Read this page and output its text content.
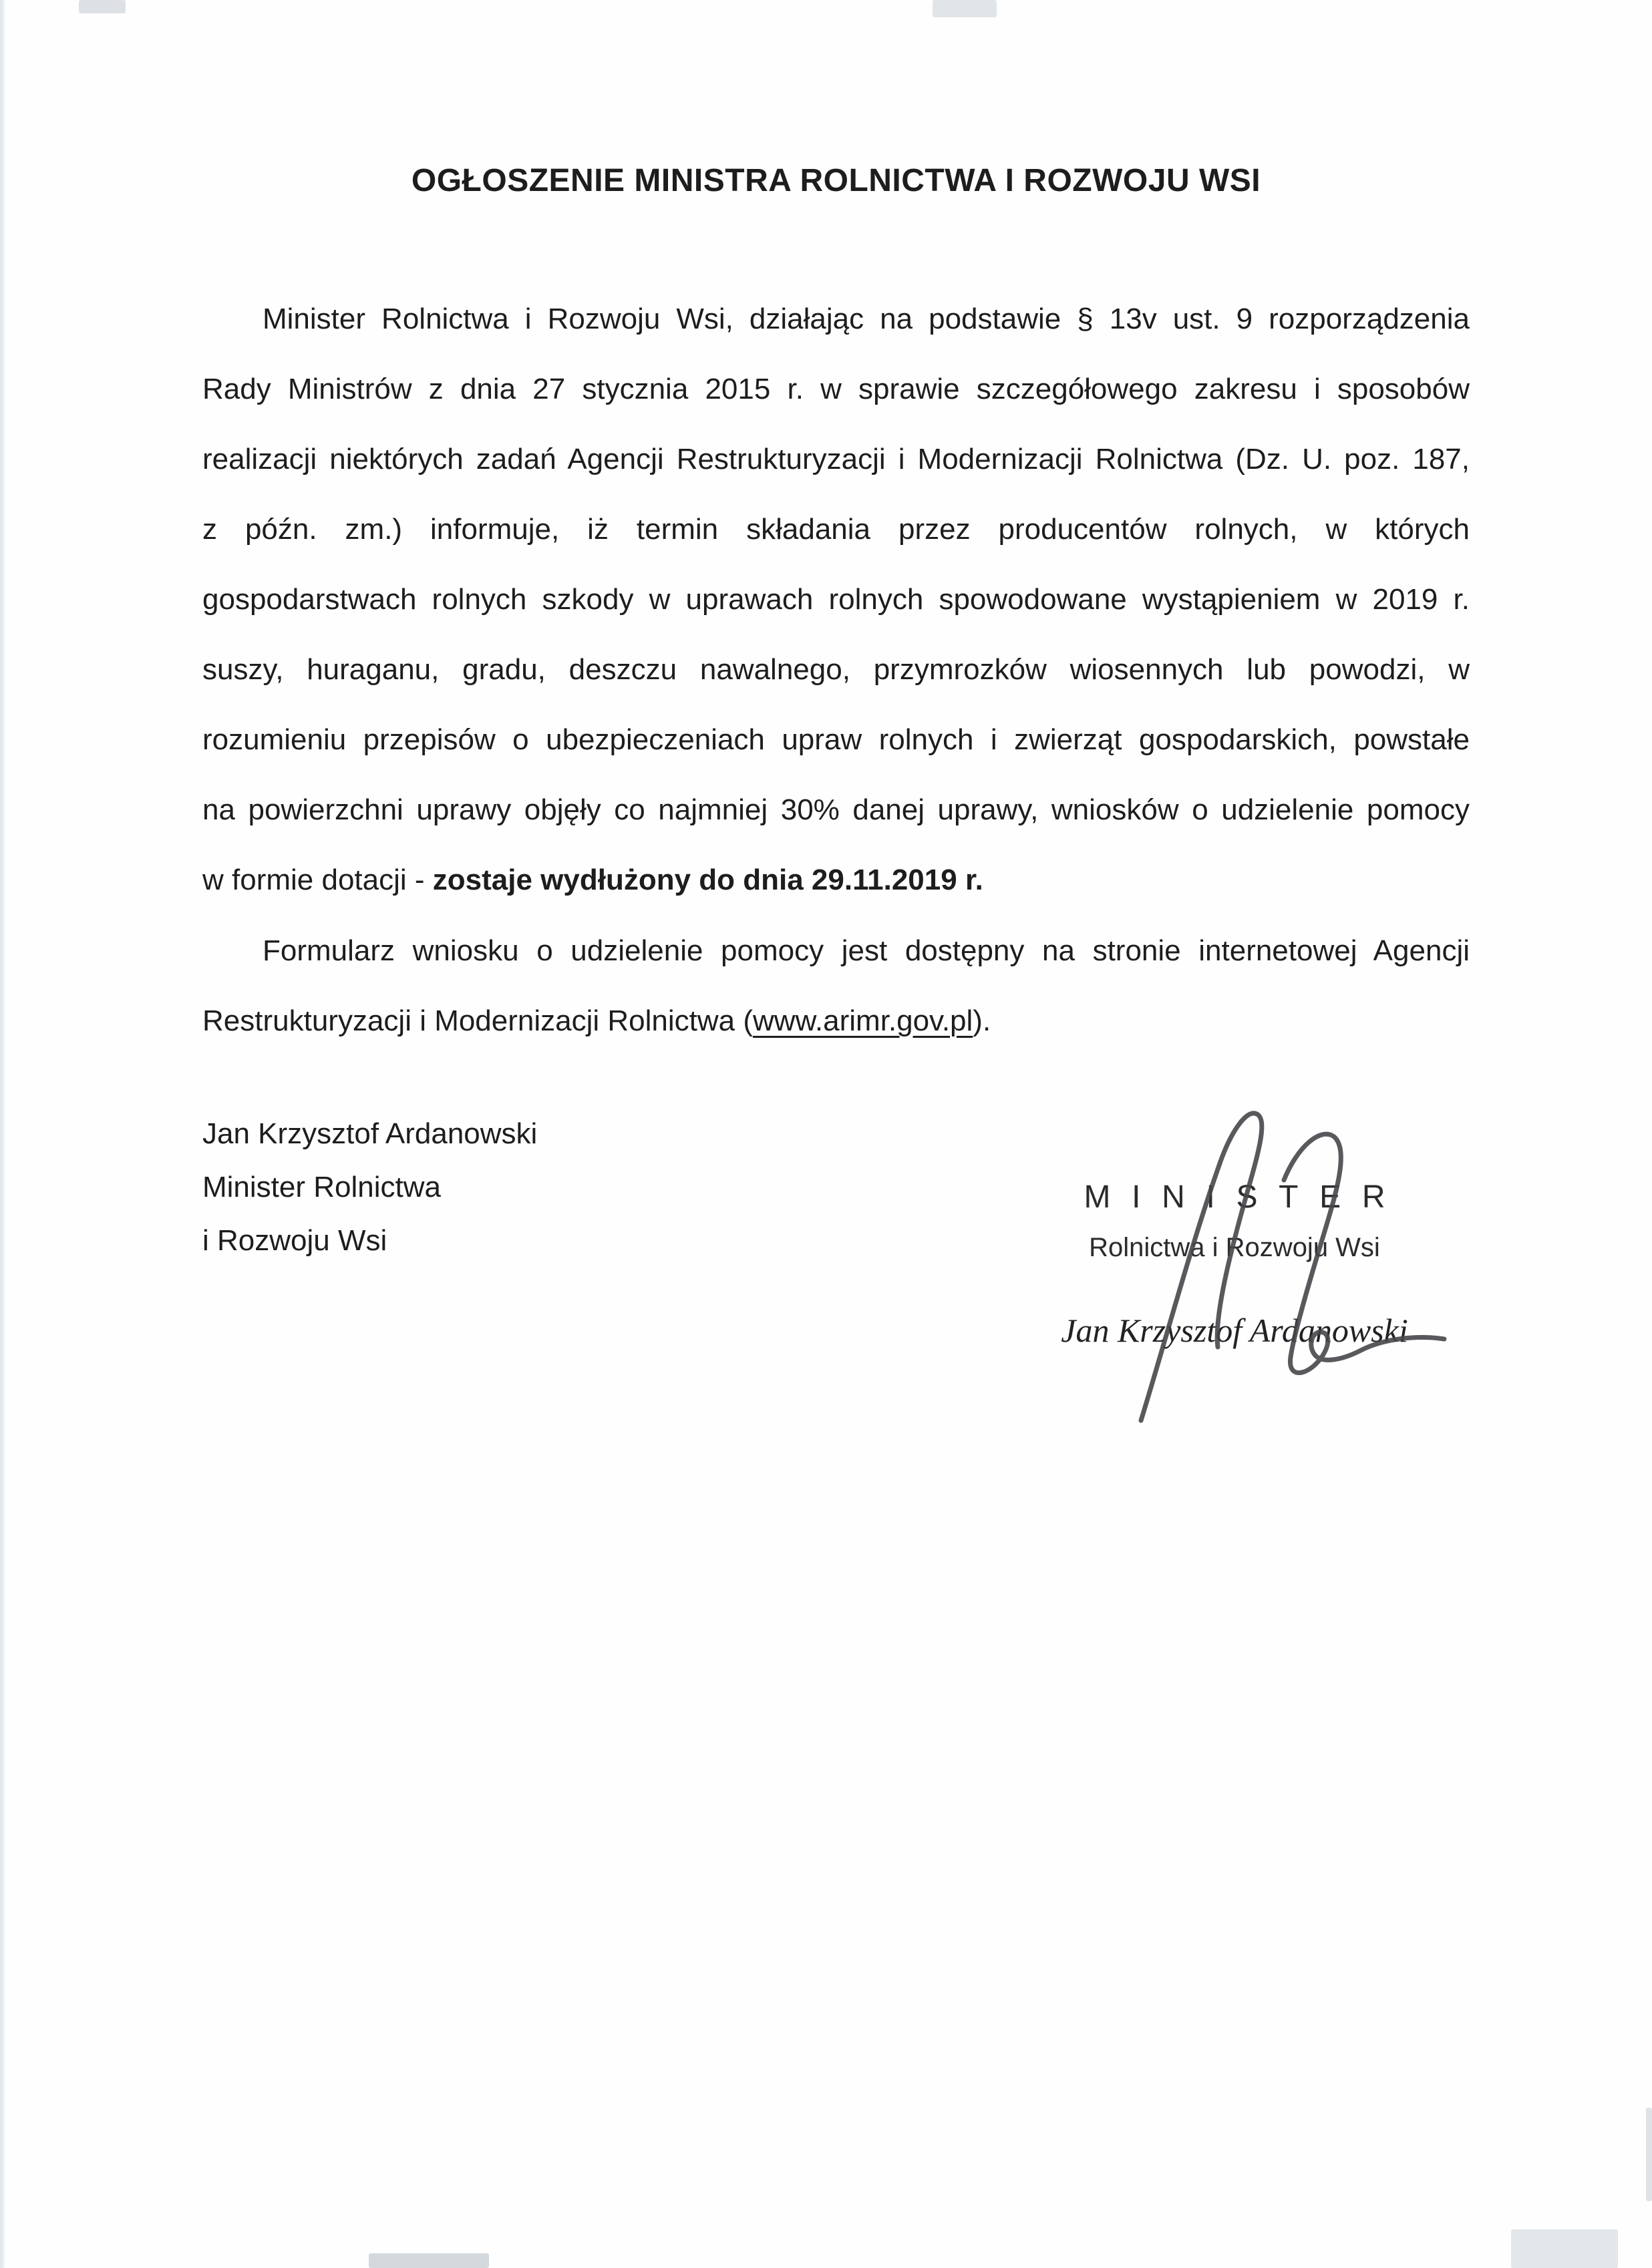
OGŁOSZENIE MINISTRA ROLNICTWA I ROZWOJU WSI
Minister Rolnictwa i Rozwoju Wsi, działając na podstawie § 13v ust. 9 rozporządzenia
Rady Ministrów z dnia 27 stycznia 2015 r. w sprawie szczegółowego zakresu i sposobów
realizacji niektórych zadań Agencji Restrukturyzacji i Modernizacji Rolnictwa (Dz. U. poz. 187,
z późn. zm.) informuje, iż termin składania przez producentów rolnych, w których
gospodarstwach rolnych szkody w uprawach rolnych spowodowane wystąpieniem w 2019 r.
suszy, huraganu, gradu, deszczu nawalnego, przymrozków wiosennych lub powodzi, w
rozumieniu przepisów o ubezpieczeniach upraw rolnych i zwierząt gospodarskich, powstałe
na powierzchni uprawy objęły co najmniej 30% danej uprawy, wniosków o udzielenie pomocy
w formie dotacji - zostaje wydłużony do dnia 29.11.2019 r.
Formularz wniosku o udzielenie pomocy jest dostępny na stronie internetowej Agencji
Restrukturyzacji i Modernizacji Rolnictwa (www.arimr.gov.pl).
Jan Krzysztof Ardanowski
Minister Rolnictwa
i Rozwoju Wsi
MINISTER
Rolnictwa i Rozwoju Wsi
Jan Krzysztof Ardanowski
